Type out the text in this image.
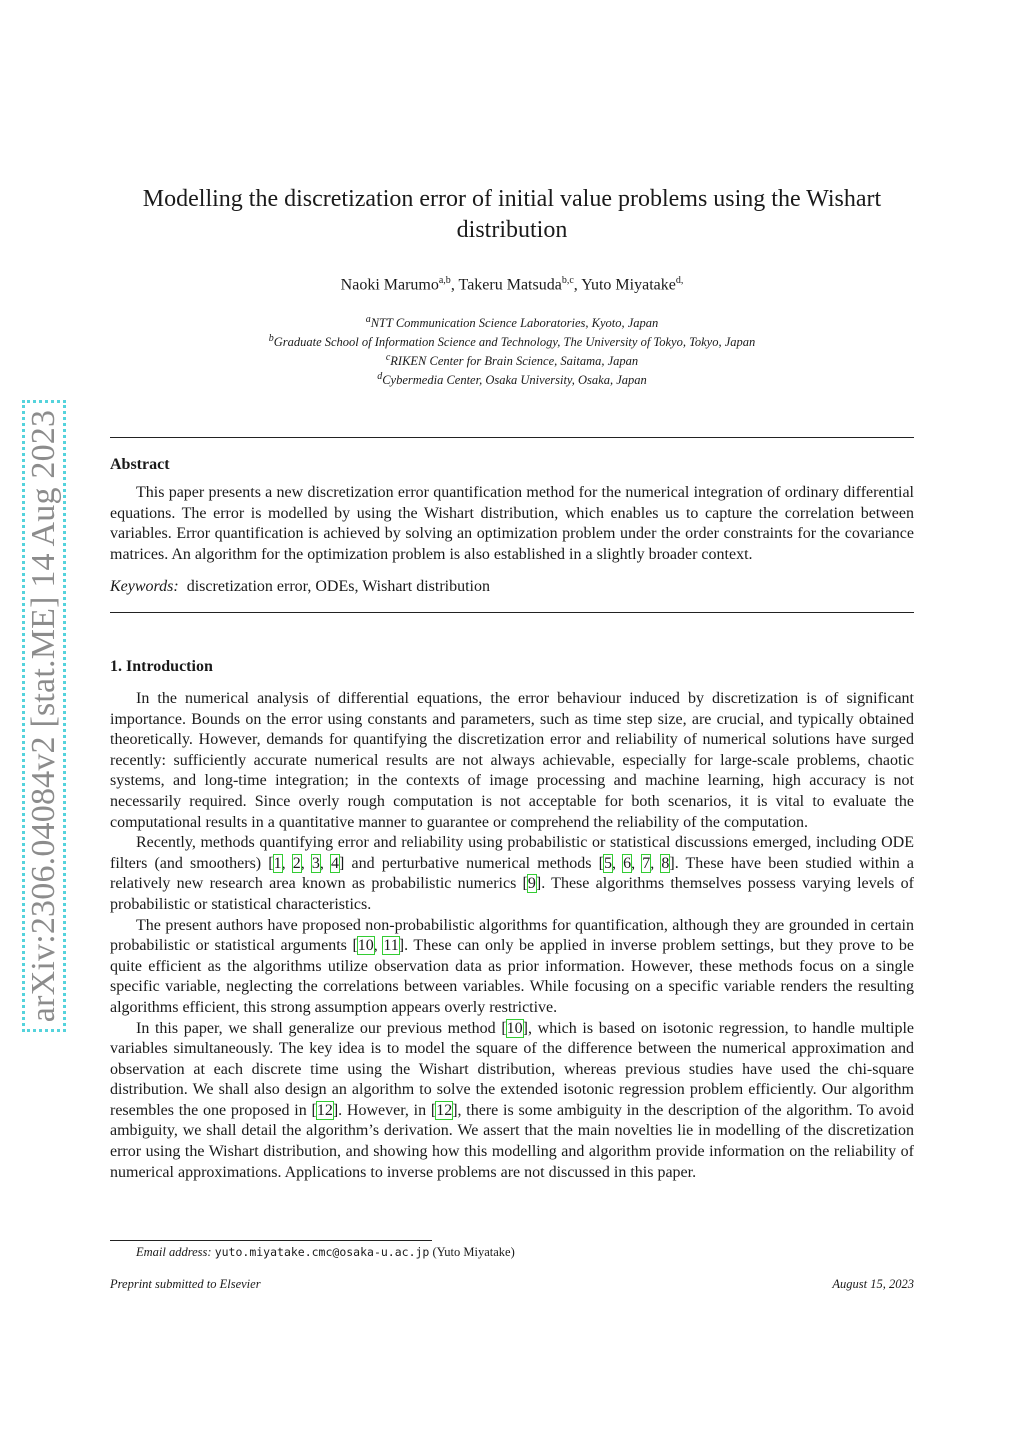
arXiv:2306.04084v2 [stat.ME] 14 Aug 2023
Modelling the discretization error of initial value problems using the Wishart distribution
Naoki Marumo$^{a,b}$, Takeru Matsuda$^{b,c}$, Yuto Miyatake$^{d,}$
$^a$NTT Communication Science Laboratories, Kyoto, Japan
$^b$Graduate School of Information Science and Technology, The University of Tokyo, Tokyo, Japan
$^c$RIKEN Center for Brain Science, Saitama, Japan
$^d$Cybermedia Center, Osaka University, Osaka, Japan
Abstract

This paper presents a new discretization error quantification method for the numerical integration of ordinary differential equations. The error is modelled by using the Wishart distribution, which enables us to capture the correlation between variables. Error quantification is achieved by solving an optimization problem under the order constraints for the covariance matrices. An algorithm for the optimization problem is also established in a slightly broader context.

Keywords: discretization error, ODEs, Wishart distribution
1. Introduction

In the numerical analysis of differential equations, the error behaviour induced by discretization is of significant importance. Bounds on the error using constants and parameters, such as time step size, are crucial, and typically obtained theoretically. However, demands for quantifying the discretization error and reliability of numerical solutions have surged recently: sufficiently accurate numerical results are not always achievable, especially for large-scale problems, chaotic systems, and long-time integration; in the contexts of image processing and machine learning, high accuracy is not necessarily required. Since overly rough computation is not acceptable for both scenarios, it is vital to evaluate the computational results in a quantitative manner to guarantee or comprehend the reliability of the computation.

Recently, methods quantifying error and reliability using probabilistic or statistical discussions emerged, including ODE filters (and smoothers) [1, 2, 3, 4] and perturbative numerical methods [5, 6, 7, 8]. These have been studied within a relatively new research area known as probabilistic numerics [9]. These algorithms themselves possess varying levels of probabilistic or statistical characteristics.

The present authors have proposed non-probabilistic algorithms for quantification, although they are grounded in certain probabilistic or statistical arguments [10, 11]. These can only be applied in inverse problem settings, but they prove to be quite efficient as the algorithms utilize observation data as prior information. However, these methods focus on a single specific variable, neglecting the correlations between variables. While focusing on a specific variable renders the resulting algorithms efficient, this strong assumption appears overly restrictive.

In this paper, we shall generalize our previous method [10], which is based on isotonic regression, to handle multiple variables simultaneously. The key idea is to model the square of the difference between the numerical approximation and observation at each discrete time using the Wishart distribution, whereas previous studies have used the chi-square distribution. We shall also design an algorithm to solve the extended isotonic regression problem efficiently. Our algorithm resembles the one proposed in [12]. However, in [12], there is some ambiguity in the description of the algorithm. To avoid ambiguity, we shall detail the algorithm’s derivation. We assert that the main novelties lie in modelling of the discretization error using the Wishart distribution, and showing how this modelling and algorithm provide information on the reliability of numerical approximations. Applications to inverse problems are not discussed in this paper.

Email address: yuto.miyatake.cmc@osaka-u.ac.jp (Yuto Miyatake)
Preprint submitted to Elsevier	August 15, 2023
